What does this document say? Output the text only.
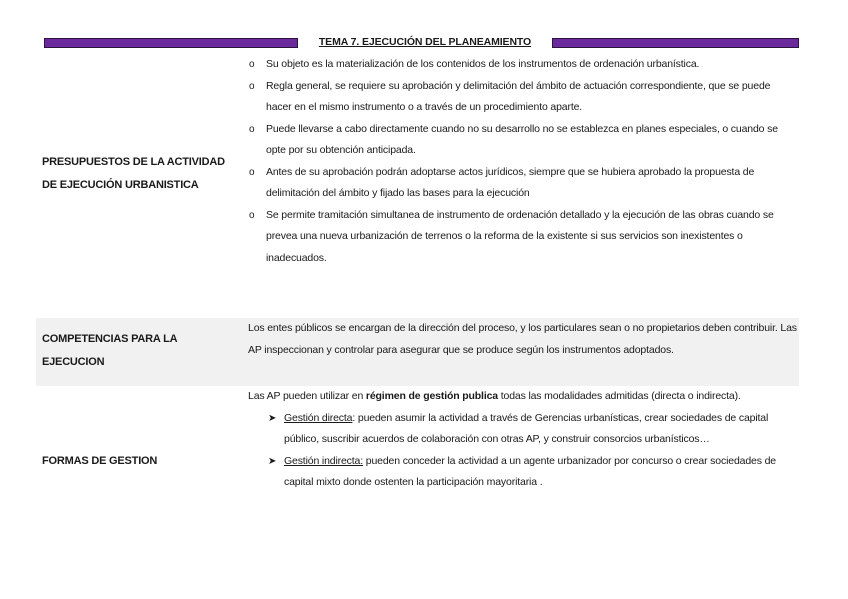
TEMA 7. EJECUCIÓN DEL PLANEAMIENTO
PRESUPUESTOS DE LA ACTIVIDAD DE EJECUCIÓN URBANISTICA
o Su objeto es la materialización de los contenidos de los instrumentos de ordenación urbanística.
o Regla general, se requiere su aprobación y delimitación del ámbito de actuación correspondiente, que se puede hacer en el mismo instrumento o a través de un procedimiento aparte.
o Puede llevarse a cabo directamente cuando no su desarrollo no se establezca en planes especiales, o cuando se opte por su obtención anticipada.
o Antes de su aprobación podrán adoptarse actos jurídicos, siempre que se hubiera aprobado la propuesta de delimitación del ámbito y fijado las bases para la ejecución
o Se permite tramitación simultanea de instrumento de ordenación detallado y la ejecución de las obras cuando se prevea una nueva urbanización de terrenos o la reforma de la existente si sus servicios son inexistentes o inadecuados.
COMPETENCIAS PARA LA EJECUCION
Los entes públicos se encargan de la dirección del proceso, y los particulares sean o no propietarios deben contribuir. Las AP inspeccionan y controlar para asegurar que se produce según los instrumentos adoptados.
FORMAS DE GESTION
Las AP pueden utilizar en régimen de gestión publica todas las modalidades admitidas (directa o indirecta).
➤ Gestión directa: pueden asumir la actividad a través de Gerencias urbanísticas, crear sociedades de capital público, suscribir acuerdos de colaboración con otras AP, y construir consorcios urbanísticos…
➤ Gestión indirecta: pueden conceder la actividad a un agente urbanizador por concurso o crear sociedades de capital mixto donde ostenten la participación mayoritaria .
